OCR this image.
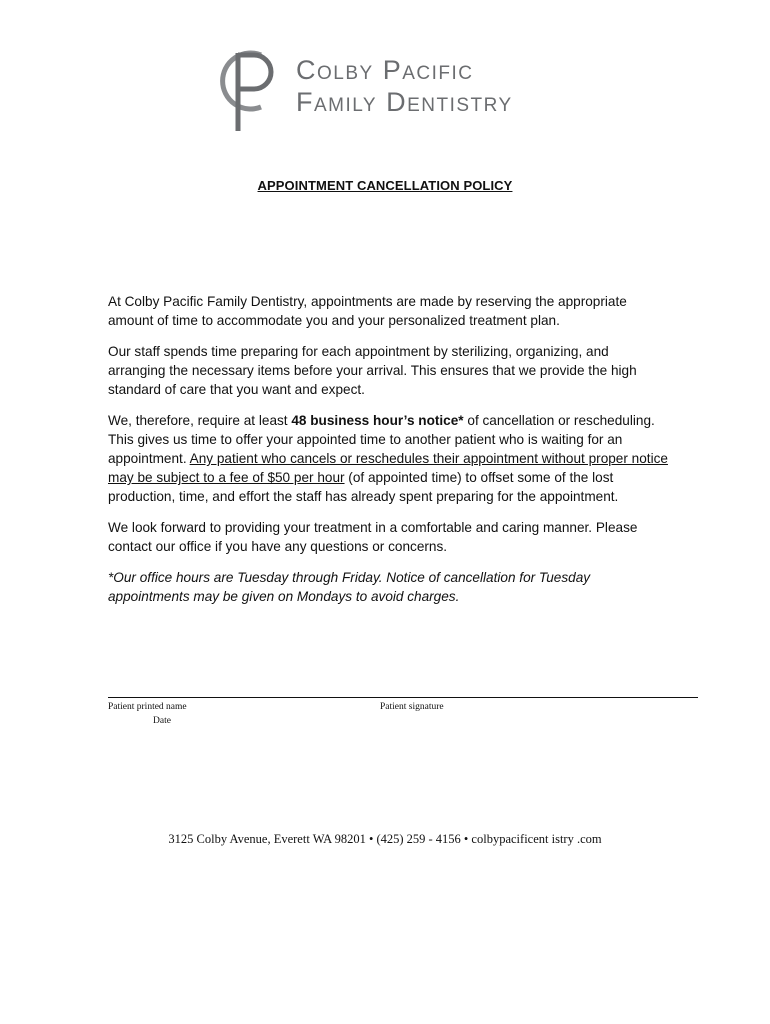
Colby Pacific
Family Dentistry
APPOINTMENT CANCELLATION POLICY

At Colby Pacific Family Dentistry, appointments are made by reserving the appropriate amount of time to accommodate you and your personalized treatment plan.

Our staff spends time preparing for each appointment by sterilizing, organizing, and arranging the necessary items before your arrival. This ensures that we provide the high standard of care that you want and expect.

We, therefore, require at least 48 business hour’s notice* of cancellation or rescheduling. This gives us time to offer your appointed time to another patient who is waiting for an appointment. Any patient who cancels or reschedules their appointment without proper notice may be subject to a fee of $50 per hour (of appointed time) to offset some of the lost production, time, and effort the staff has already spent preparing for the appointment.

We look forward to providing your treatment in a comfortable and caring manner. Please contact our office if you have any questions or concerns.

*Our office hours are Tuesday through Friday. Notice of cancellation for Tuesday appointments may be given on Mondays to avoid charges.

Patient printed name	Patient signature
Date
3125 Colby Avenue, Everett WA 98201 • (425) 259 - 4156 • colbypacificent istry .com
